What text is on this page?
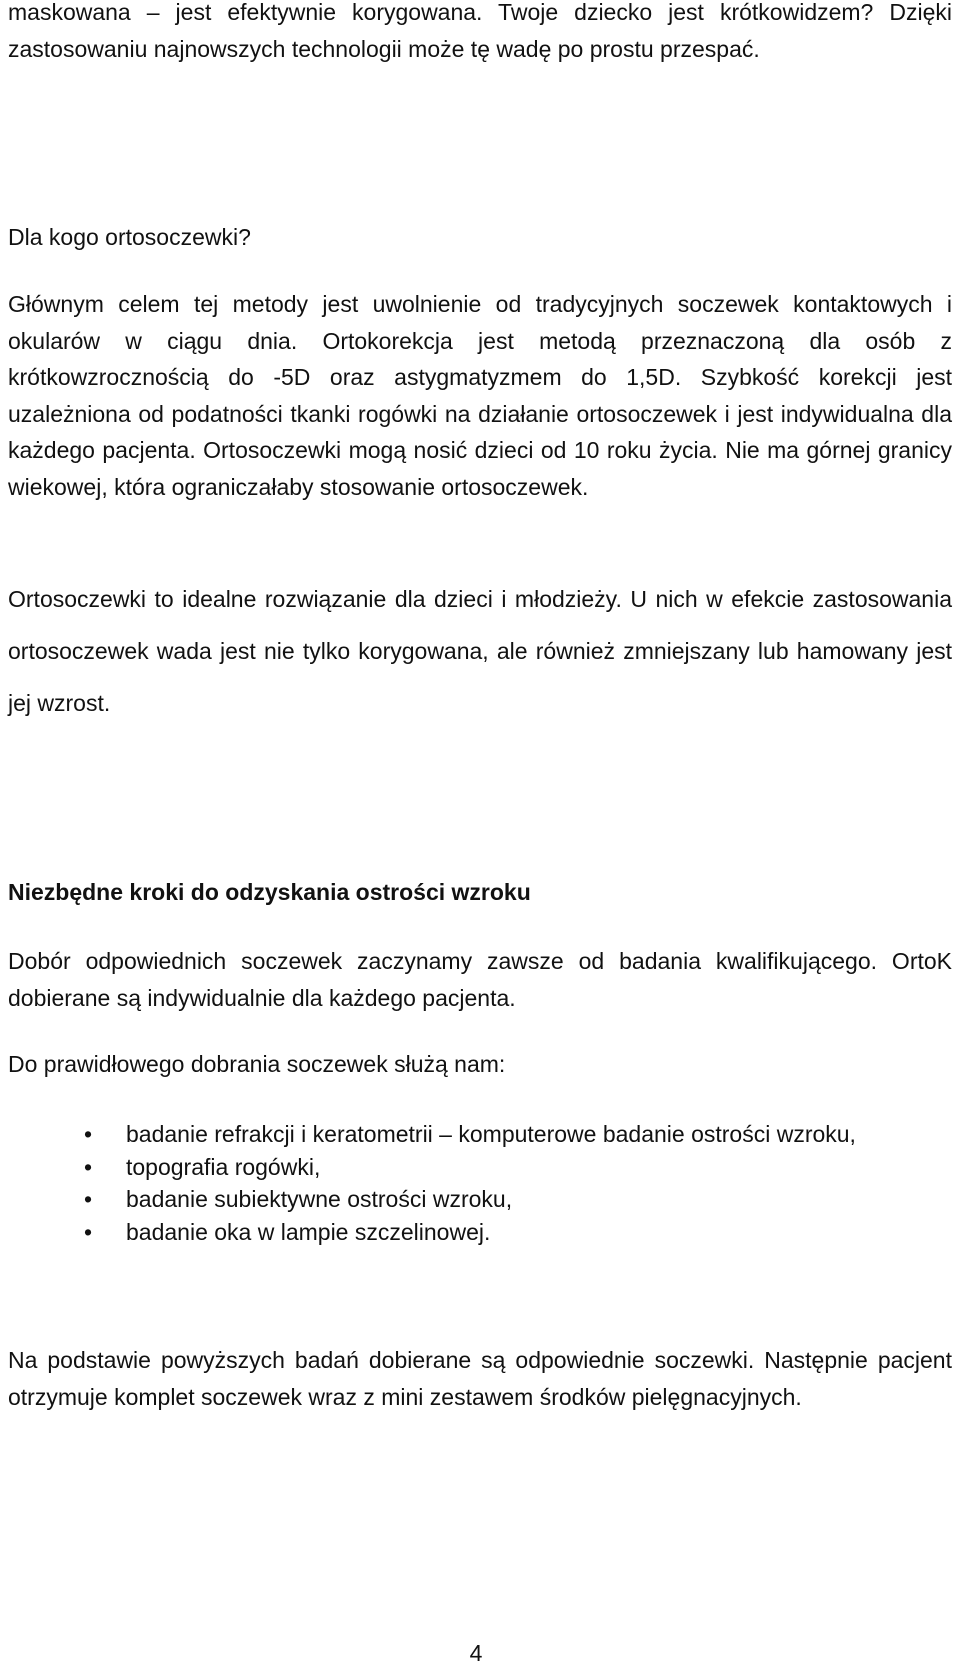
maskowana – jest efektywnie korygowana. Twoje dziecko jest krótkowidzem? Dzięki zastosowaniu najnowszych technologii może tę wadę po prostu przespać.

Dla kogo ortosoczewki?

Głównym celem tej metody jest uwolnienie od tradycyjnych soczewek kontaktowych i okularów w ciągu dnia. Ortokorekcja jest metodą przeznaczoną dla osób z krótkowzrocznością do -5D oraz astygmatyzmem do 1,5D. Szybkość korekcji jest uzależniona od podatności tkanki rogówki na działanie ortosoczewek i jest indywidualna dla każdego pacjenta. Ortosoczewki mogą nosić dzieci od 10 roku życia. Nie ma górnej granicy wiekowej, która ograniczałaby stosowanie ortosoczewek.

Ortosoczewki to idealne rozwiązanie dla dzieci i młodzieży. U nich w efekcie zastosowania ortosoczewek wada jest nie tylko korygowana, ale również zmniejszany lub hamowany jest jej wzrost.

Niezbędne kroki do odzyskania ostrości wzroku

Dobór odpowiednich soczewek zaczynamy zawsze od badania kwalifikującego. OrtoK dobierane są indywidualnie dla każdego pacjenta.

Do prawidłowego dobrania soczewek służą nam:

• badanie refrakcji i keratometrii – komputerowe badanie ostrości wzroku,
• topografia rogówki,
• badanie subiektywne ostrości wzroku,
• badanie oka w lampie szczelinowej.

Na podstawie powyższych badań dobierane są odpowiednie soczewki. Następnie pacjent otrzymuje komplet soczewek wraz z mini zestawem środków pielęgnacyjnych.

4
